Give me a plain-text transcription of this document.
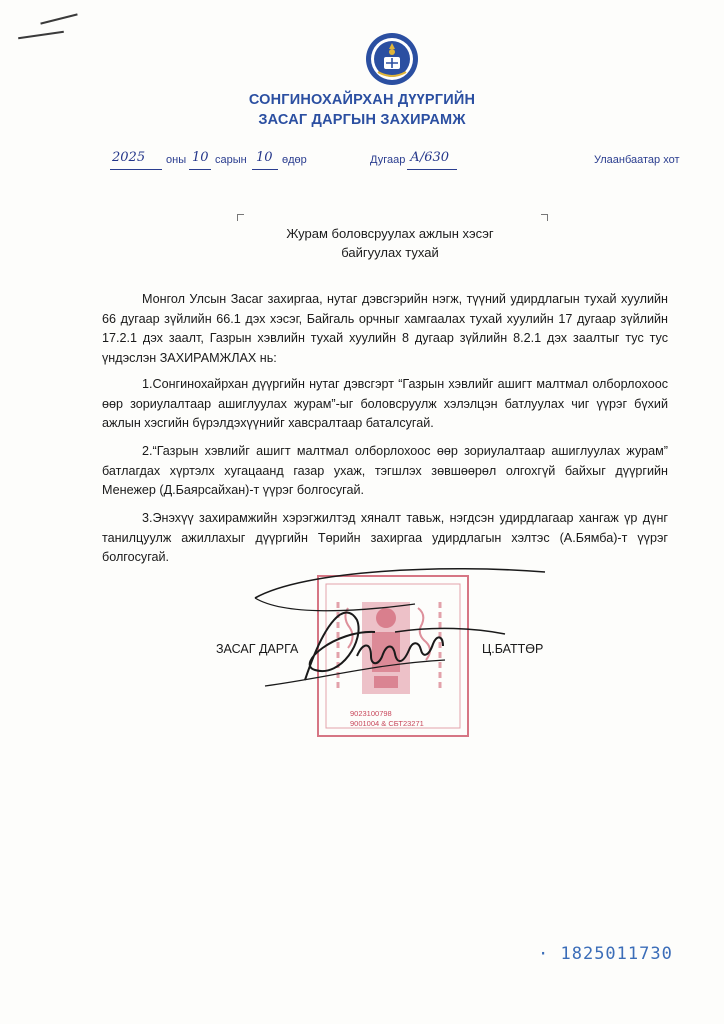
СОНГИНОХАЙРХАН ДҮҮРГИЙН
ЗАСАГ ДАРГЫН ЗАХИРАМЖ
2025 оны 10 сарын 10 өдөр	Дугаар А/630	Улаанбаатар хот
Журам боловсруулах ажлын хэсэг
байгуулах тухай
Монгол Улсын Засаг захиргаа, нутаг дэвсгэрийн нэгж, түүний удирдлагын тухай хуулийн 66 дугаар зүйлийн 66.1 дэх хэсэг, Байгаль орчныг хамгаалах тухай хуулийн 17 дугаар зүйлийн 17.2.1 дэх заалт, Газрын хэвлийн тухай хуулийн 8 дугаар зүйлийн 8.2.1 дэх заалтыг тус тус үндэслэн ЗАХИРАМЖЛАХ нь:
1.Сонгинохайрхан дүүргийн нутаг дэвсгэрт “Газрын хэвлийг ашигт малтмал олборлохоос өөр зориулалтаар ашиглуулах журам”-ыг боловсруулж хэлэлцэн батлуулах чиг үүрэг бүхий ажлын хэсгийн бүрэлдэхүүнийг хавсралтаар баталсугай.
2.“Газрын хэвлийг ашигт малтмал олборлохоос өөр зориулалтаар ашиглуулах журам” батлагдах хүртэлх хугацаанд газар ухаж, тэгшлэх зөвшөөрөл олгохгүй байхыг дүүргийн Менежер (Д.Баярсайхан)-т үүрэг болгосугай.
3.Энэхүү захирамжийн хэрэгжилтэд хяналт тавьж, нэгдсэн удирдлагаар хангаж үр дүнг танилцуулж ажиллахыг дүүргийн Төрийн захиргаа удирдлагын хэлтэс (А.Бямба)-т үүрэг болгосугай.
9023100798
9001004 & СБТ23271
ЗАСАГ ДАРГА	Ц.БАТТӨР
· 1825011730
